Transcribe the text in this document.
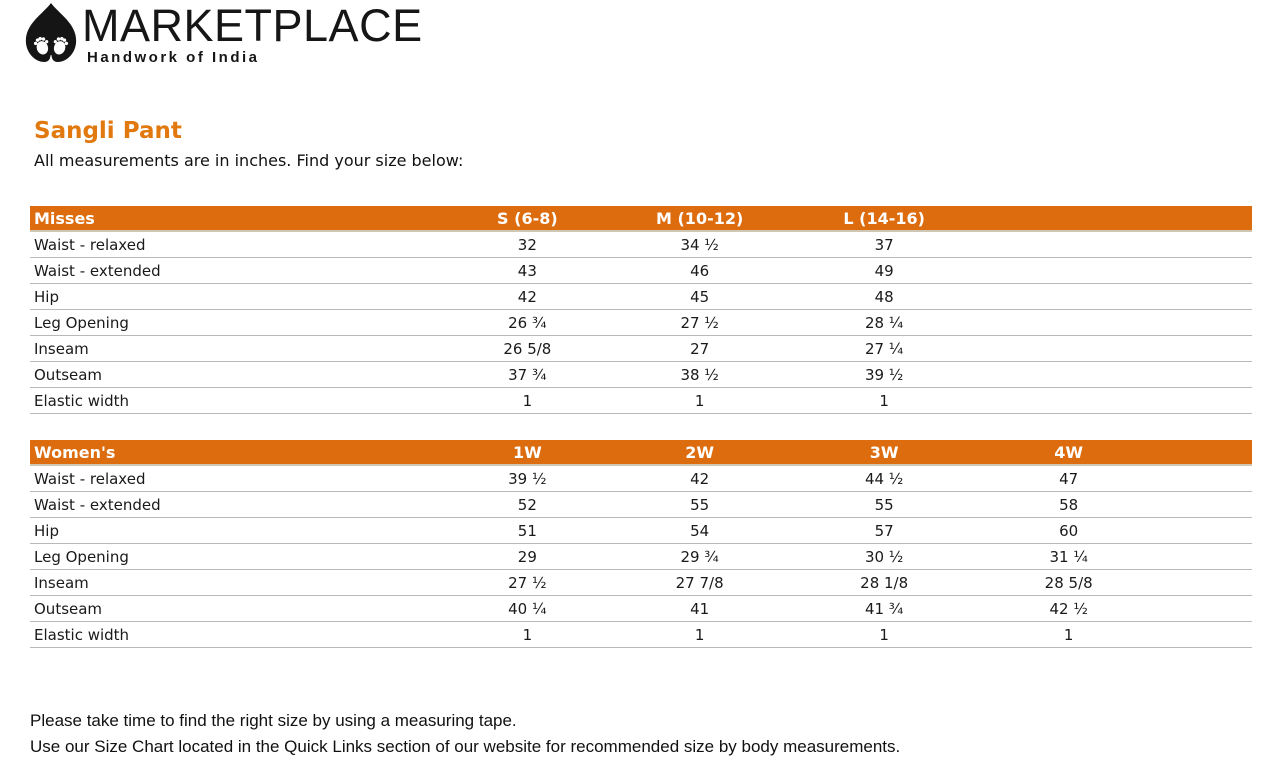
MARKETPLACE
Handwork of India
Sangli Pant
All measurements are in inches. Find your size below:
Misses	S (6-8)	M (10-12)	L (14-16)
Waist - relaxed	32	34 ½	37
Waist - extended	43	46	49
Hip	42	45	48
Leg Opening	26 ¾	27 ½	28 ¼
Inseam	26 5/8	27	27 ¼
Outseam	37 ¾	38 ½	39 ½
Elastic width	1	1	1
Women's	1W	2W	3W	4W
Waist - relaxed	39 ½	42	44 ½	47
Waist - extended	52	55	55	58
Hip	51	54	57	60
Leg Opening	29	29 ¾	30 ½	31 ¼
Inseam	27 ½	27 7/8	28 1/8	28 5/8
Outseam	40 ¼	41	41 ¾	42 ½
Elastic width	1	1	1	1
Please take time to find the right size by using a measuring tape.
Use our Size Chart located in the Quick Links section of our website for recommended size by body measurements.
